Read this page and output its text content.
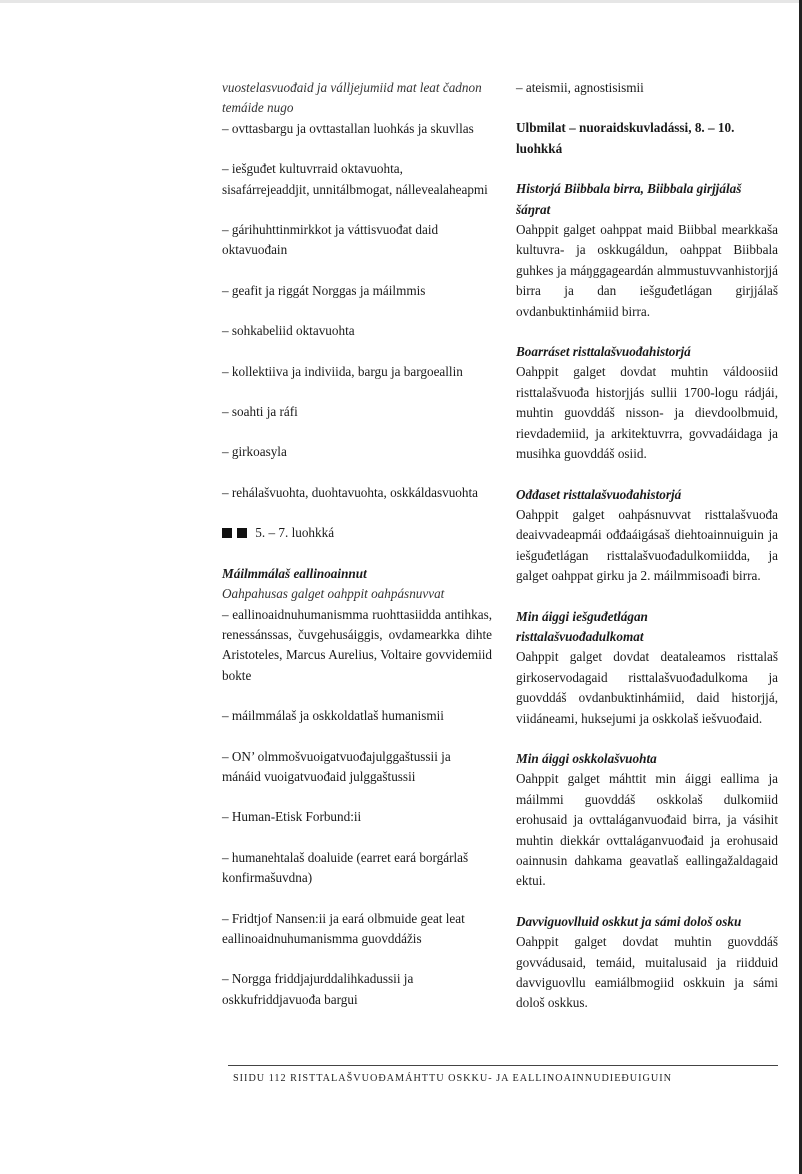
vuostelasvuođaid ja válljejumiid mat leat čadnon temáide nugo

– ovttasbargu ja ovttastallan luohkás ja skuvllas

– iešguđet kultuvrraid oktavuohta, sisafárrejeaddjit, unnitálbmogat, nállevealaheapmi

– gárihuhttinmirkkot ja váttisvuođat daid oktavuođain

– geafit ja riggát Norggas ja máilmmis

– sohkabeliid oktavuohta

– kollektiiva ja indiviida, bargu ja bargoeallin

– soahti ja ráfi

– girkoasyla

– rehálašvuohta, duohtavuohta, oskkáldasvuohta

5. – 7. luohkká

Máilmmálaš eallinoainnut

Oahpahusas galget oahppit oahpásnuvvat

– eallinoaidnuhumanismma ruohttasiidda antihkas, renessánssas, čuvgehusáiggis, ovdamearkka dihte Aristoteles, Marcus Aurelius, Voltaire govvidemiid bokte

– máilmmálaš ja oskkoldatlaš humanismii

– ON’ olmmošvuoigatvuođajulggaštussii ja mánáid vuoigatvuođaid julggaštussii

– Human-Etisk Forbund:ii

– humanehtalaš doaluide (earret eará borgárlaš konfirmašuvdna)

– Fridtjof Nansen:ii ja eará olbmuide geat leat eallinoaidnuhumanismma guovddážis

– Norgga friddjajurddalihkadussii ja oskkufriddjavuođa bargui

– ateismii, agnostisismii

Ulbmilat – nuoraidskuvladássi, 8. – 10. luohkká

Historjá Biibbala birra, Biibbala girjjálaš šáŋrat

Oahppit galget oahppat maid Biibbal mearkkaša kultuvra- ja oskkugáldun, oahppat Biibbala guhkes ja máŋggageardán almmustuvvanhistorjjá birra ja dan iešguđetlágan girjjálaš ovdanbuktinhámiid birra.

Boarráset risttalašvuođahistorjá

Oahppit galget dovdat muhtin váldoosiid risttalašvuođa historjjás sullii 1700-logu rádjái, muhtin guovddáš nisson- ja dievdoolbmuid, rievdademiid, ja arkitektuvrra, govvadáidaga ja musihka guovddáš osiid.

Ođđaset risttalašvuođahistorjá

Oahppit galget oahpásnuvvat risttalašvuođa deaivvadeapmái ođđaáigásaš diehtoainnuiguin ja iešguđetlágan risttalašvuođadulkomiidda, ja galget oahppat girku ja 2. máilmmisoađi birra.

Min áiggi iešguđetlágan risttalašvuođadulkomat

Oahppit galget dovdat deataleamos risttalaš girkoservodagaid risttalašvuođadulkoma ja guovddáš ovdanbuktinhámiid, daid historjjá, viidáneami, huksejumi ja oskkolaš iešvuođaid.

Min áiggi oskkolašvuohta

Oahppit galget máhttit min áiggi eallima ja máilmmi guovddáš oskkolaš dulkomiid erohusaid ja ovttaláganvuođaid birra, ja vásihit muhtin diekkár ovttaláganvuođaid ja erohusaid oainnusin dahkama geavatlaš eallingažaldagaid ektui.

Davviguovlluid oskkut ja sámi dološ osku

Oahppit galget dovdat muhtin guovddáš govvádusaid, temáid, muitalusaid ja riidduid davviguovllu eamiálbmogiid oskkuin ja sámi dološ oskkus.

SIIDU 112 RISTTALAŠVUOĐAMÁHTTU OSKKU- JA EALLINOAINNUDIEĐUIGUIN
